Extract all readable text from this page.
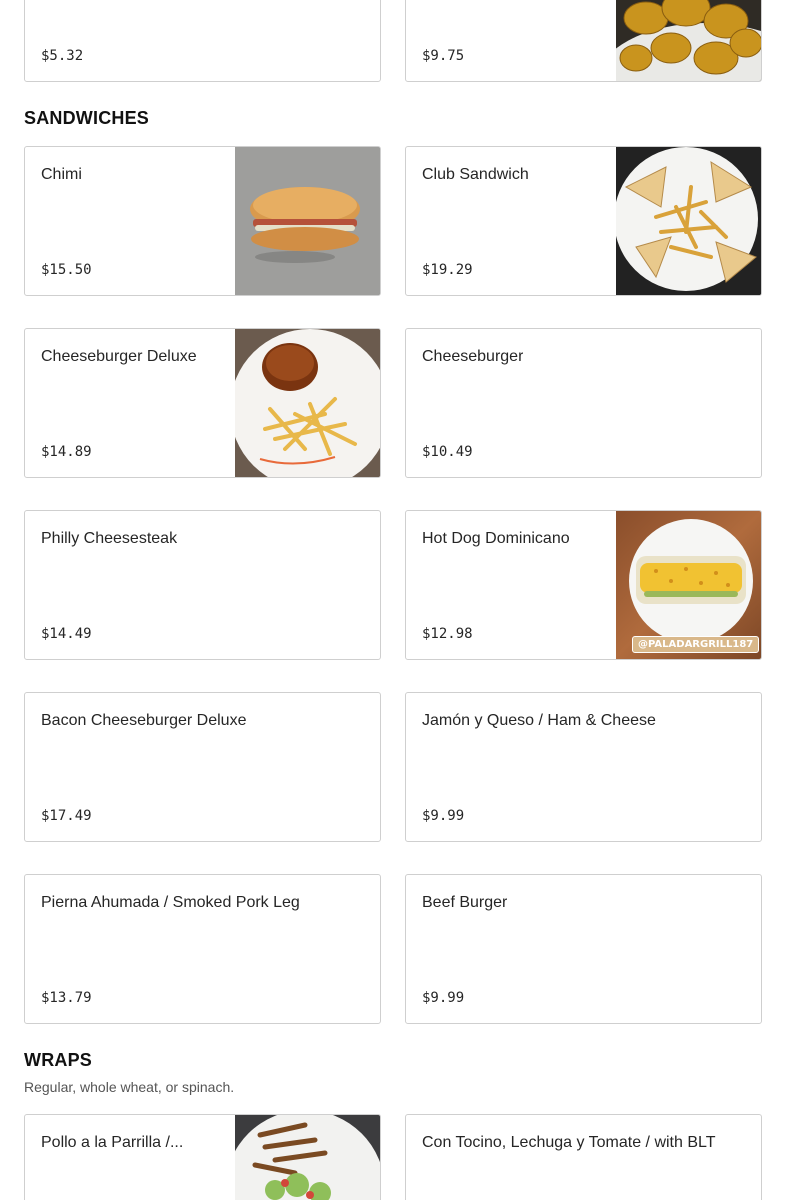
$5.32	$9.75
SANDWICHES
Chimi
$15.50
Club Sandwich
$19.29
Cheeseburger Deluxe
$14.89
Cheeseburger
$10.49
Philly Cheesesteak
$14.49
Hot Dog Dominicano
$12.98
@PALADARGRILL187
Bacon Cheeseburger Deluxe
$17.49
Jamón y Queso / Ham & Cheese
$9.99
Pierna Ahumada / Smoked Pork Leg
$13.79
Beef Burger
$9.99
WRAPS
Regular, whole wheat, or spinach.
Pollo a la Parrilla /...	Con Tocino, Lechuga y Tomate / with BLT
